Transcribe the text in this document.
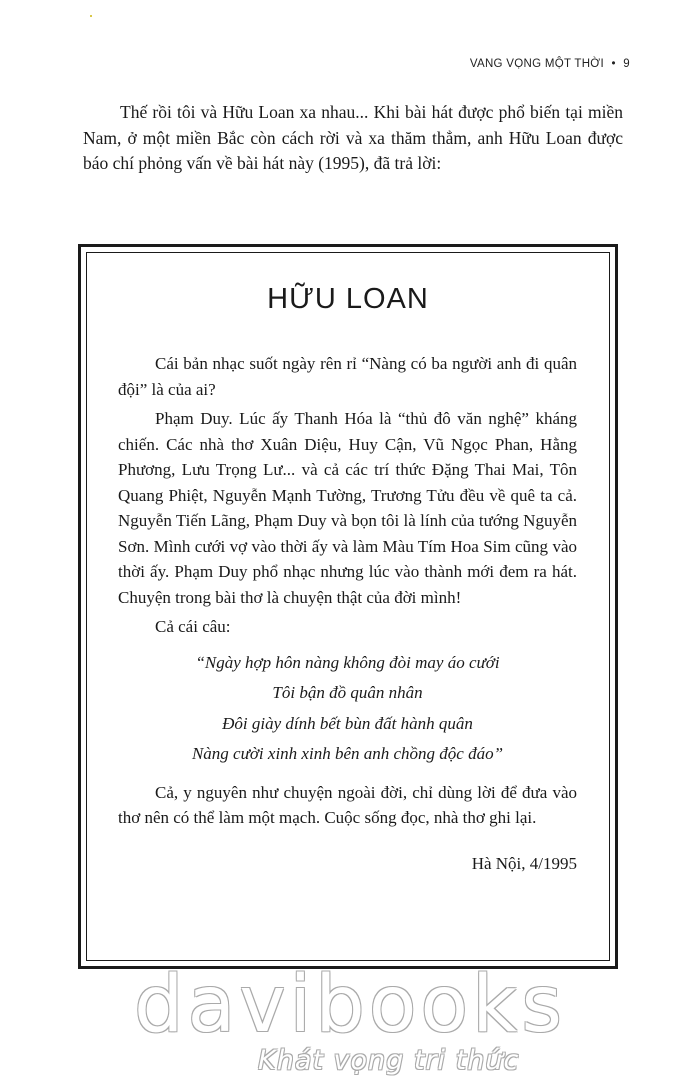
VANG VỌNG MỘT THỜI • 9

Thế rồi tôi và Hữu Loan xa nhau... Khi bài hát được phổ biến tại miền Nam, ở một miền Bắc còn cách rời và xa thăm thẳm, anh Hữu Loan được báo chí phỏng vấn về bài hát này (1995), đã trả lời:

HỮU LOAN

Cái bản nhạc suốt ngày rên rỉ “Nàng có ba người anh đi quân đội” là của ai?

Phạm Duy. Lúc ấy Thanh Hóa là “thủ đô văn nghệ” kháng chiến. Các nhà thơ Xuân Diệu, Huy Cận, Vũ Ngọc Phan, Hằng Phương, Lưu Trọng Lư... và cả các trí thức Đặng Thai Mai, Tôn Quang Phiệt, Nguyễn Mạnh Tường, Trương Tửu đều về quê ta cả. Nguyễn Tiến Lãng, Phạm Duy và bọn tôi là lính của tướng Nguyễn Sơn. Mình cưới vợ vào thời ấy và làm Màu Tím Hoa Sim cũng vào thời ấy. Phạm Duy phổ nhạc nhưng lúc vào thành mới đem ra hát. Chuyện trong bài thơ là chuyện thật của đời mình!

Cả cái câu:

“Ngày hợp hôn nàng không đòi may áo cưới
Tôi bận đồ quân nhân
Đôi giày dính bết bùn đất hành quân
Nàng cười xinh xinh bên anh chồng độc đáo”

Cả, y nguyên như chuyện ngoài đời, chỉ dùng lời để đưa vào thơ nên có thể làm một mạch. Cuộc sống đọc, nhà thơ ghi lại.

Hà Nội, 4/1995

davibooks
Khát vọng tri thức
